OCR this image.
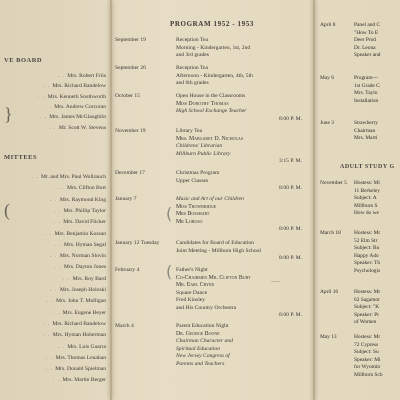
VE BOARD
. . Mrs. Robert Friis
. . Mrs. Richard Bandelow
. . Mrs. Kenneth Southworth
. . Mrs. Andrew Corcoran
. . Mrs. James McGlaughlin
. . Mr. Scott W. Stevens
MITTEES
. . Mr. and Mrs. Paul Wollrauch
. . Mrs. Clifton Burt
. . Mrs. Raymond King
. . Mrs. Phillip Taylor
. . Mrs. David Flicker
. . Mrs. Benjamin Kossan
. . Mrs. Hyman Segal
. . Mrs. Norman Slovin
. . Mrs. Dayton Jones
. . Mrs. Roy Bard
. . Mrs. Joseph Holoski
. . Mrs. John T. Mulligan
. . Mrs. Eugene Beyer
. . Mrs. Richard Bandelow
. . Mrs. Hyman Hoberman
. . Mrs. Luis Guarra
. . Mrs. Thomas Lenahan
. . Mrs. Donald Spielman
. . Mrs. Martin Berger
}
(
PROGRAM 1952 - 1953
September 19	Reception Tea
Morning - Kindergarten, 1st, 2nd
and 3rd grades
September 26	Reception Tea
Afternoon - Kindergarten, 4th, 5th
and 6th grades
October 15	Open House in the Classrooms
Miss Dorothy Thomas
High School Exchange Teacher
8:00 P. M.
November 19	Library Tea
Mrs. Margaret D. Nicholas
Childrens' Librarian
Millburn Public Library
3:15 P. M.
December 17	Christmas Program
Upper Classes
8:00 P. M.
January 7	Music and Art of our Children
Miss Trowbridge
Mrs Bosshart
Mr Loruso
8:00 P. M.
January 12 Tuesday	Candidates for Board of Education
Joint Meeting - Millburn High School
8:00 P. M.
February 4	Father's Night
Co-Chairmen Mr. Clifton Burt
Mr. Earl Cryer
Square Dance
Fred Kinsley
and His Country Orchestra
8:00 P. M.
March 4	Parent Education Night
Dr. George Boone
Chairman Character and
Spiritual Education
New Jersey Congress of
Parents and Teachers
(
(
~~~
April 8	Panel and C
"How To E
Deer Prod
Dr. Leona
Speaker and
May 6	Program---
1st Grade C
Mrs. Taylo
Installation
June 3	Strawberry
Chairman
Mrs. Marti
ADULT STUDY G
November 5 Hostess: Mi
11 Berkeley
Subject: A
Millburn S
How do we
March 18	Hostess: Mr
52 Elm Str
Subject: Bu
Happy Ado
Speaker: Th
Psychologis
April 16	Hostess: Mr
62 Sagamor
Subject: "K
Speaker: Pr
of Women
May 13	Hostess: Mr
72 Cypress
Subject: Su
Speaker: Mi
for Wyomin
Millburn Sch
